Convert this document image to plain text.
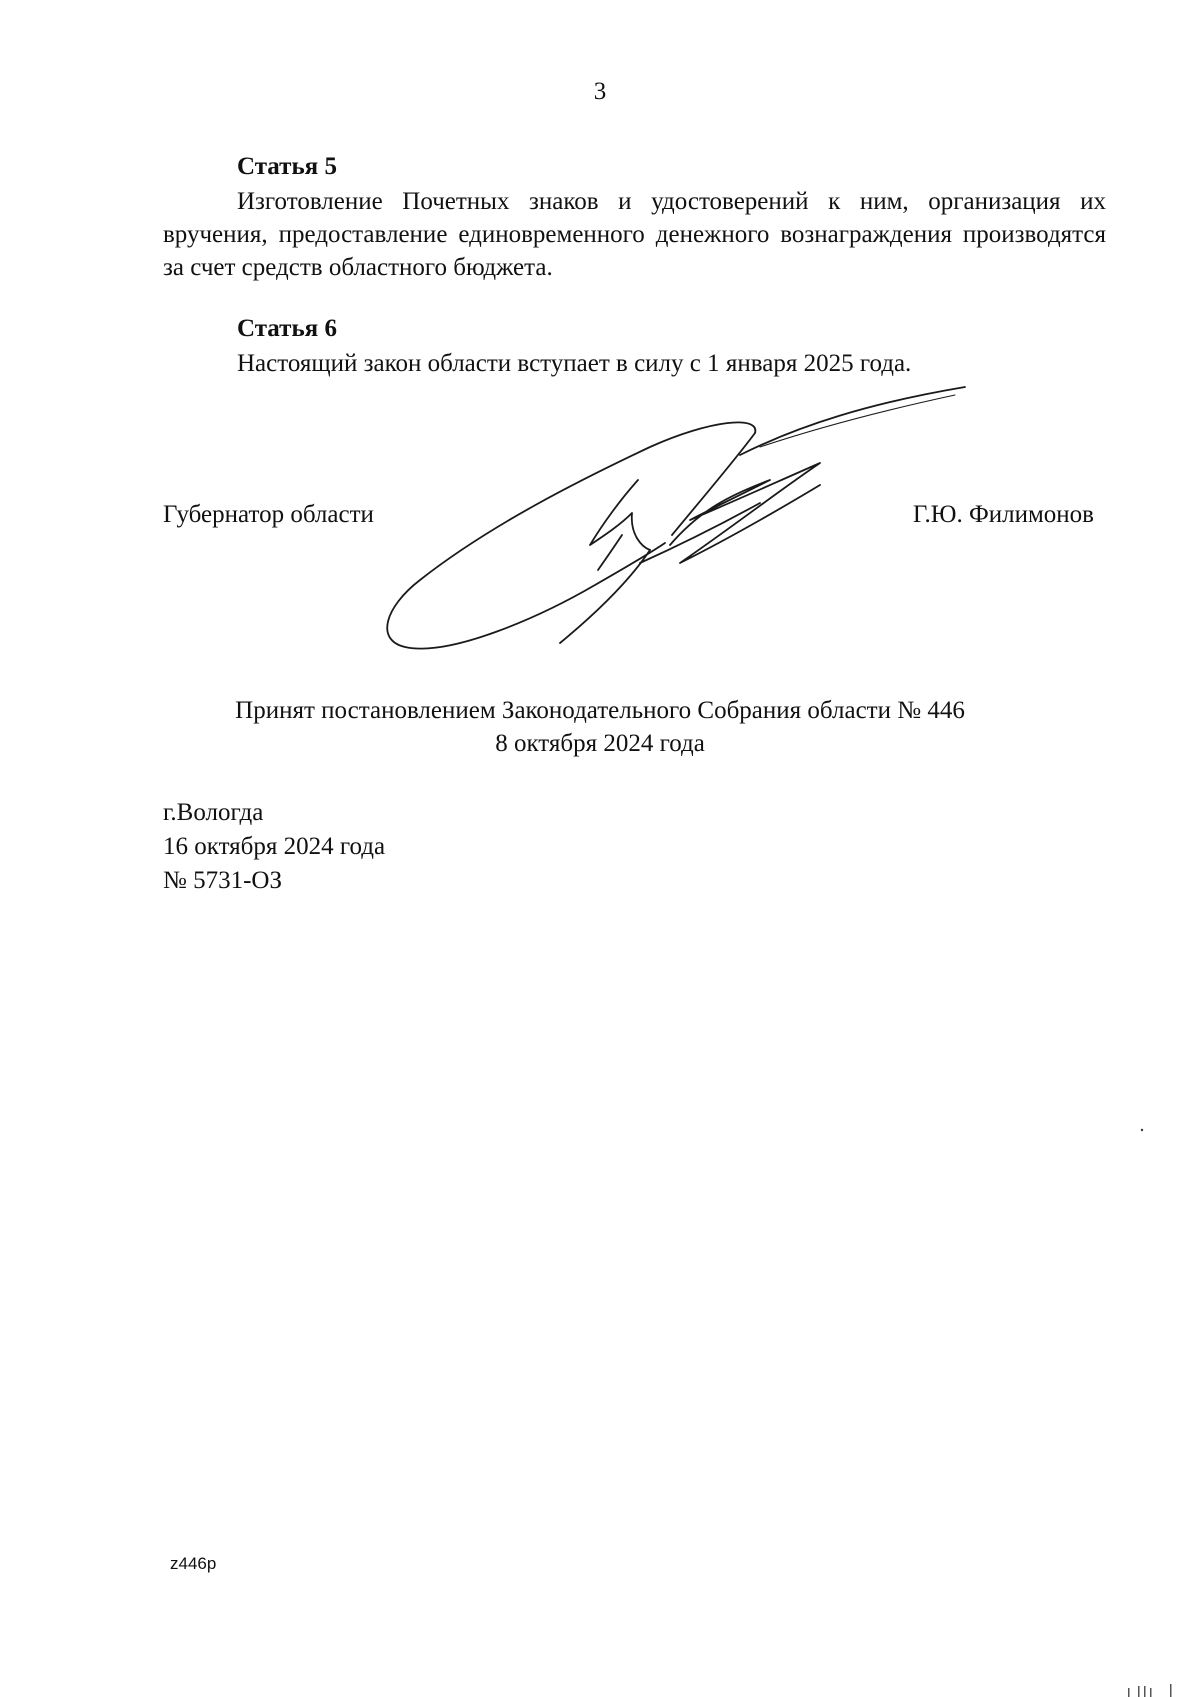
3
Статья 5

Изготовление Почетных знаков и удостоверений к ним, организация их вручения, предоставление единовременного денежного вознаграждения производятся за счет средств областного бюджета.

Статья 6

Настоящий закон области вступает в силу с 1 января 2025 года.

Губернатор области	Г.Ю. Филимонов
Принят постановлением Законодательного Собрания области № 446
8 октября 2024 года
г.Вологда
16 октября 2024 года
№ 5731-ОЗ
z446p
